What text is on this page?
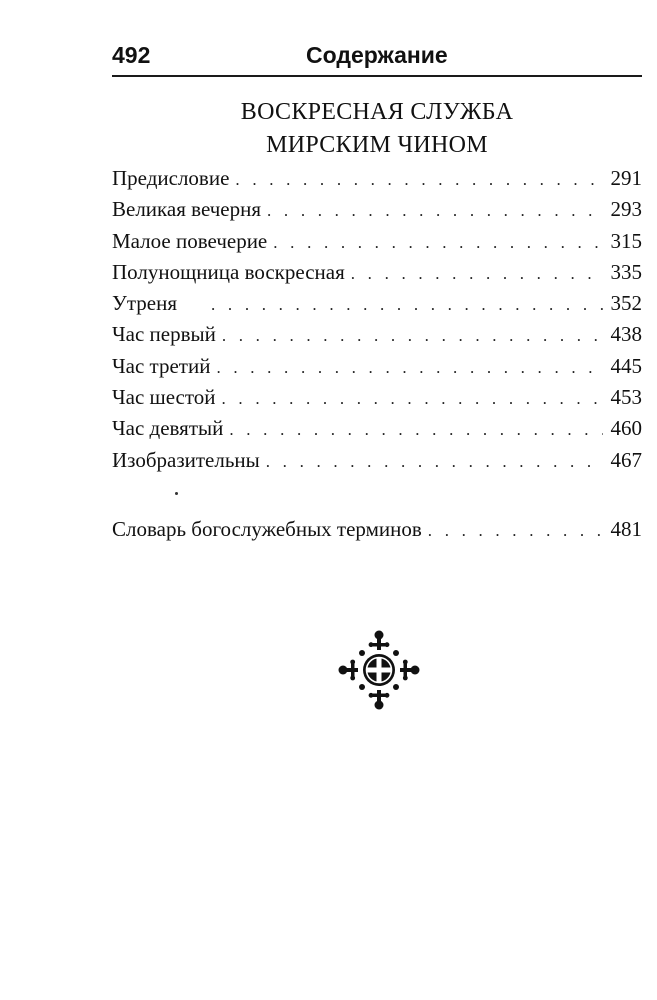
492	Содержание
ВОСКРЕСНАЯ СЛУЖБА
МИРСКИМ ЧИНОМ
Предисловие . . .	291
Великая вечерня . . .	293
Малое повечерие . . .	315
Полунощница воскресная . . .	335
Утреня . . .	352
Час первый . . .	438
Час третий . . .	445
Час шестой . . .	453
Час девятый . . .	460
Изобразительны . . .	467
Словарь богослужебных терминов . . .	481
